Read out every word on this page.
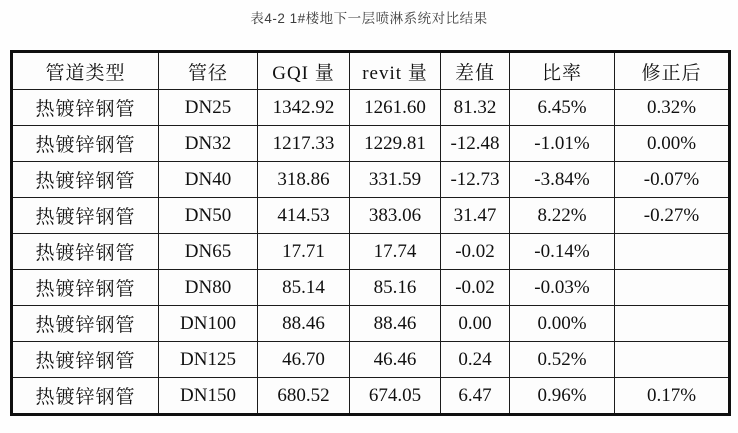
表4-2 1#楼地下一层喷淋系统对比结果
管道类型	管径	GQI 量	revit 量	差值	比率	修正后
热镀锌钢管	DN25	1342.92	1261.60	81.32	6.45%	0.32%
热镀锌钢管	DN32	1217.33	1229.81	-12.48	-1.01%	0.00%
热镀锌钢管	DN40	318.86	331.59	-12.73	-3.84%	-0.07%
热镀锌钢管	DN50	414.53	383.06	31.47	8.22%	-0.27%
热镀锌钢管	DN65	17.71	17.74	-0.02	-0.14%	
热镀锌钢管	DN80	85.14	85.16	-0.02	-0.03%	
热镀锌钢管	DN100	88.46	88.46	0.00	0.00%	
热镀锌钢管	DN125	46.70	46.46	0.24	0.52%	
热镀锌钢管	DN150	680.52	674.05	6.47	0.96%	0.17%
